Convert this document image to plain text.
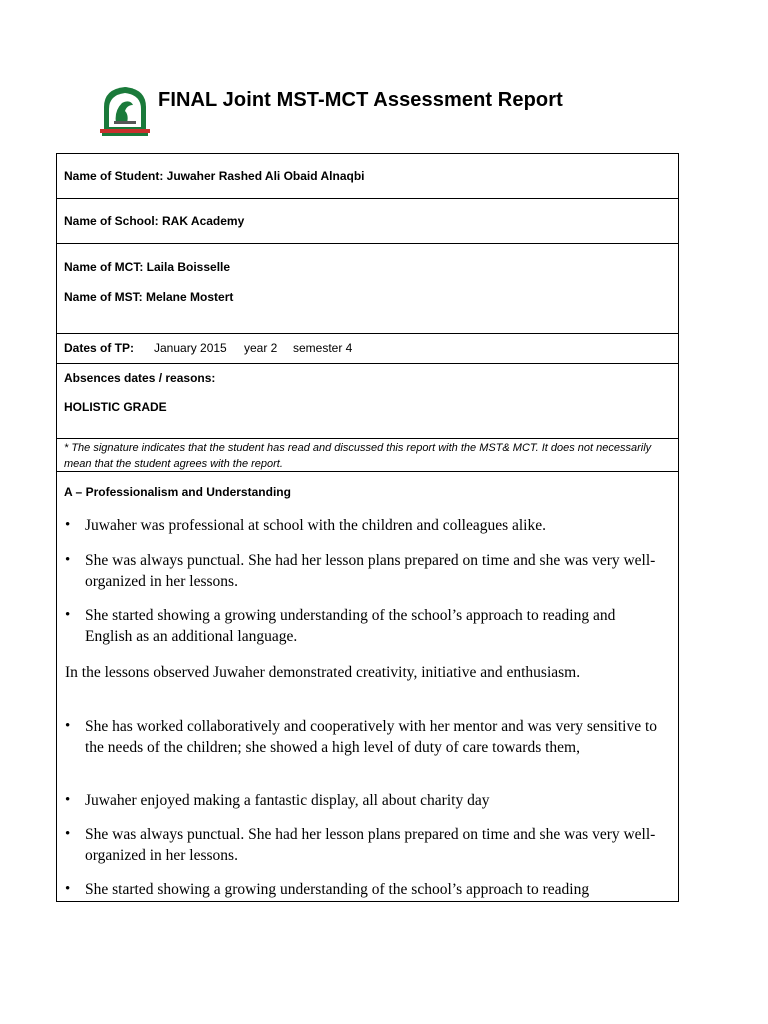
FINAL Joint MST-MCT Assessment Report
Name of Student: Juwaher Rashed Ali Obaid Alnaqbi
Name of School: RAK Academy
Name of MCT: Laila Boisselle
Name of MST: Melane Mostert
Dates of TP: January 2015 year 2 semester 4
Absences dates / reasons:
HOLISTIC GRADE
* The signature indicates that the student has read and discussed this report with the MST& MCT. It does not necessarily mean that the student agrees with the report.
A – Professionalism and Understanding
• Juwaher was professional at school with the children and colleagues alike.
• She was always punctual. She had her lesson plans prepared on time and she was very well-organized in her lessons.
• She started showing a growing understanding of the school’s approach to reading and English as an additional language.
In the lessons observed Juwaher demonstrated creativity, initiative and enthusiasm.
• She has worked collaboratively and cooperatively with her mentor and was very sensitive to the needs of the children; she showed a high level of duty of care towards them,
• Juwaher enjoyed making a fantastic display, all about charity day
• She was always punctual. She had her lesson plans prepared on time and she was very well-organized in her lessons.
• She started showing a growing understanding of the school’s approach to reading
